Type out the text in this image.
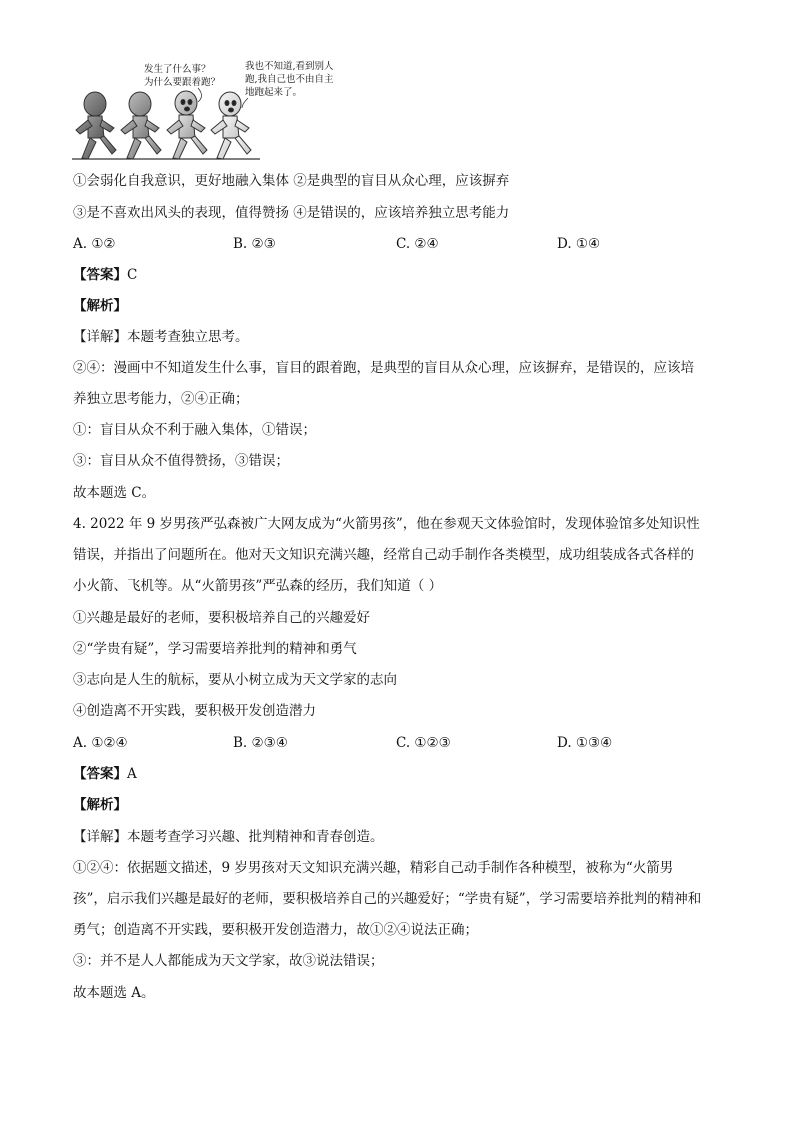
发生了什么事？
为什么要跟着跑？
我也不知道,看到别人
跑,我自己也不由自主
地跑起来了。
①会弱化自我意识，更好地融入集体 ②是典型的盲目从众心理，应该摒弃
③是不喜欢出风头的表现，值得赞扬 ④是错误的，应该培养独立思考能力
A. ①②	B. ②③	C. ②④	D. ①④
【答案】C
【解析】
【详解】本题考查独立思考。
②④：漫画中不知道发生什么事，盲目的跟着跑，是典型的盲目从众心理，应该摒弃，是错误的，应该培
养独立思考能力，②④正确；
①：盲目从众不利于融入集体，①错误；
③：盲目从众不值得赞扬，③错误；
故本题选 C。
4. 2022 年 9 岁男孩严弘森被广大网友成为“火箭男孩”，他在参观天文体验馆时，发现体验馆多处知识性
错误，并指出了问题所在。他对天文知识充满兴趣，经常自己动手制作各类模型，成功组装成各式各样的
小火箭、飞机等。从“火箭男孩”严弘森的经历，我们知道（ ）
①兴趣是最好的老师，要积极培养自己的兴趣爱好
②“学贵有疑”，学习需要培养批判的精神和勇气
③志向是人生的航标，要从小树立成为天文学家的志向
④创造离不开实践，要积极开发创造潜力
A. ①②④	B. ②③④	C. ①②③	D. ①③④
【答案】A
【解析】
【详解】本题考查学习兴趣、批判精神和青春创造。
①②④：依据题文描述，9 岁男孩对天文知识充满兴趣，精彩自己动手制作各种模型，被称为“火箭男
孩”，启示我们兴趣是最好的老师，要积极培养自己的兴趣爱好；“学贵有疑”，学习需要培养批判的精神和
勇气；创造离不开实践，要积极开发创造潜力，故①②④说法正确；
③：并不是人人都能成为天文学家，故③说法错误；
故本题选 A。
